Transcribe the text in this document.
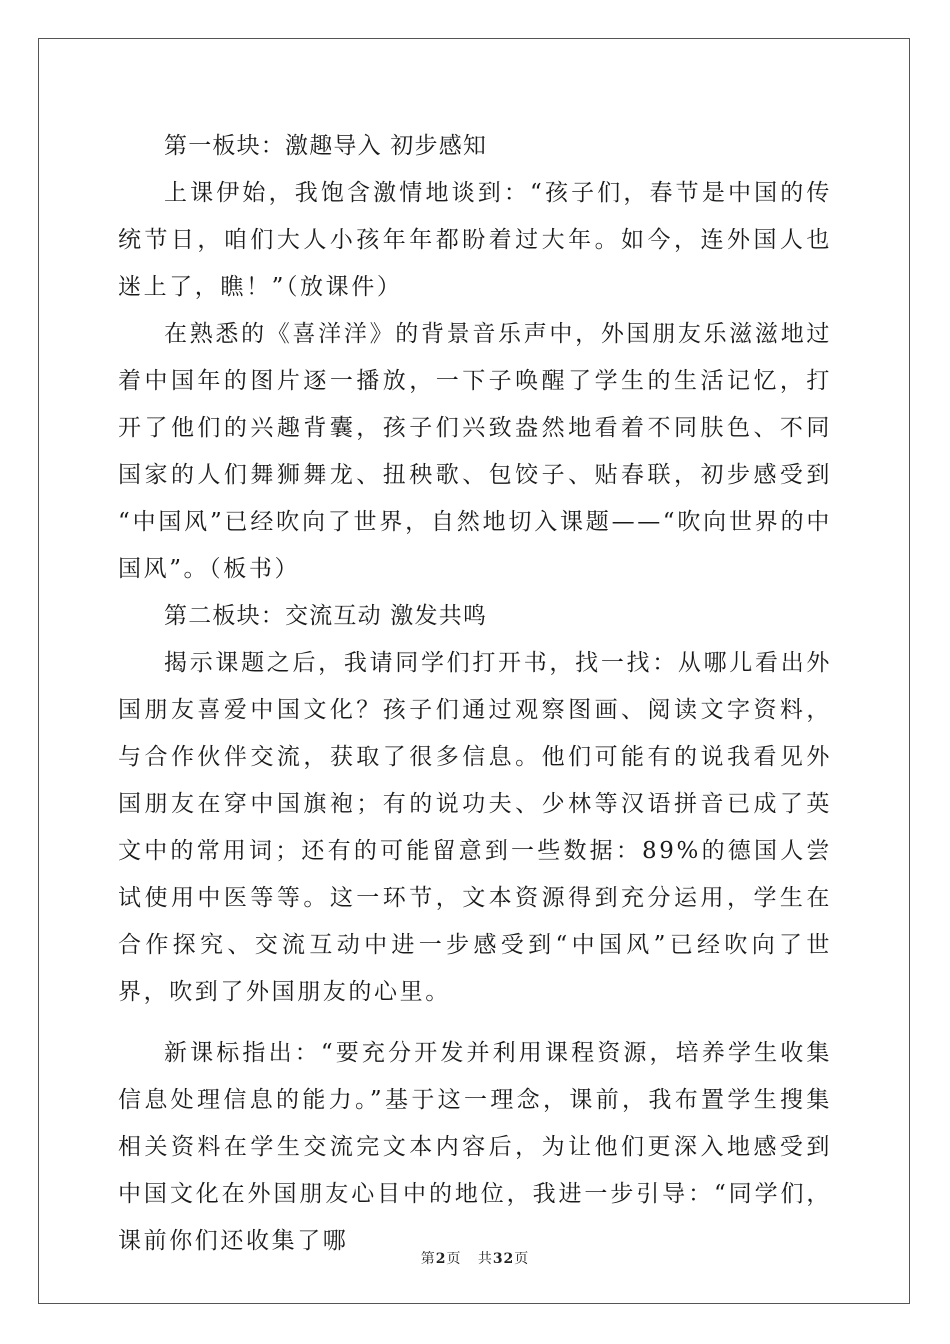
第一板块：激趣导入 初步感知

上课伊始，我饱含激情地谈到：“孩子们，春节是中国的传统节日，咱们大人小孩年年都盼着过大年。如今，连外国人也迷上了，瞧！”（放课件）

在熟悉的《喜洋洋》的背景音乐声中，外国朋友乐滋滋地过着中国年的图片逐一播放，一下子唤醒了学生的生活记忆，打开了他们的兴趣背囊，孩子们兴致盎然地看着不同肤色、不同国家的人们舞狮舞龙、扭秧歌、包饺子、贴春联，初步感受到 “中国风”已经吹向了世界，自然地切入课题——“吹向世界的中国风”。（板书）

第二板块：交流互动 激发共鸣

揭示课题之后，我请同学们打开书，找一找：从哪儿看出外国朋友喜爱中国文化？孩子们通过观察图画、阅读文字资料，与合作伙伴交流，获取了很多信息。他们可能有的说我看见外国朋友在穿中国旗袍；有的说功夫、少林等汉语拼音已成了英文中的常用词；还有的可能留意到一些数据：89%的德国人尝试使用中医等等。这一环节，文本资源得到充分运用，学生在合作探究、交流互动中进一步感受到“中国风”已经吹向了世界，吹到了外国朋友的心里。

新课标指出：“要充分开发并利用课程资源，培养学生收集信息处理信息的能力。”基于这一理念，课前，我布置学生搜集相关资料在学生交流完文本内容后，为让他们更深入地感受到中国文化在外国朋友心目中的地位，我进一步引导：“同学们，课前你们还收集了哪

第2页 共32页
